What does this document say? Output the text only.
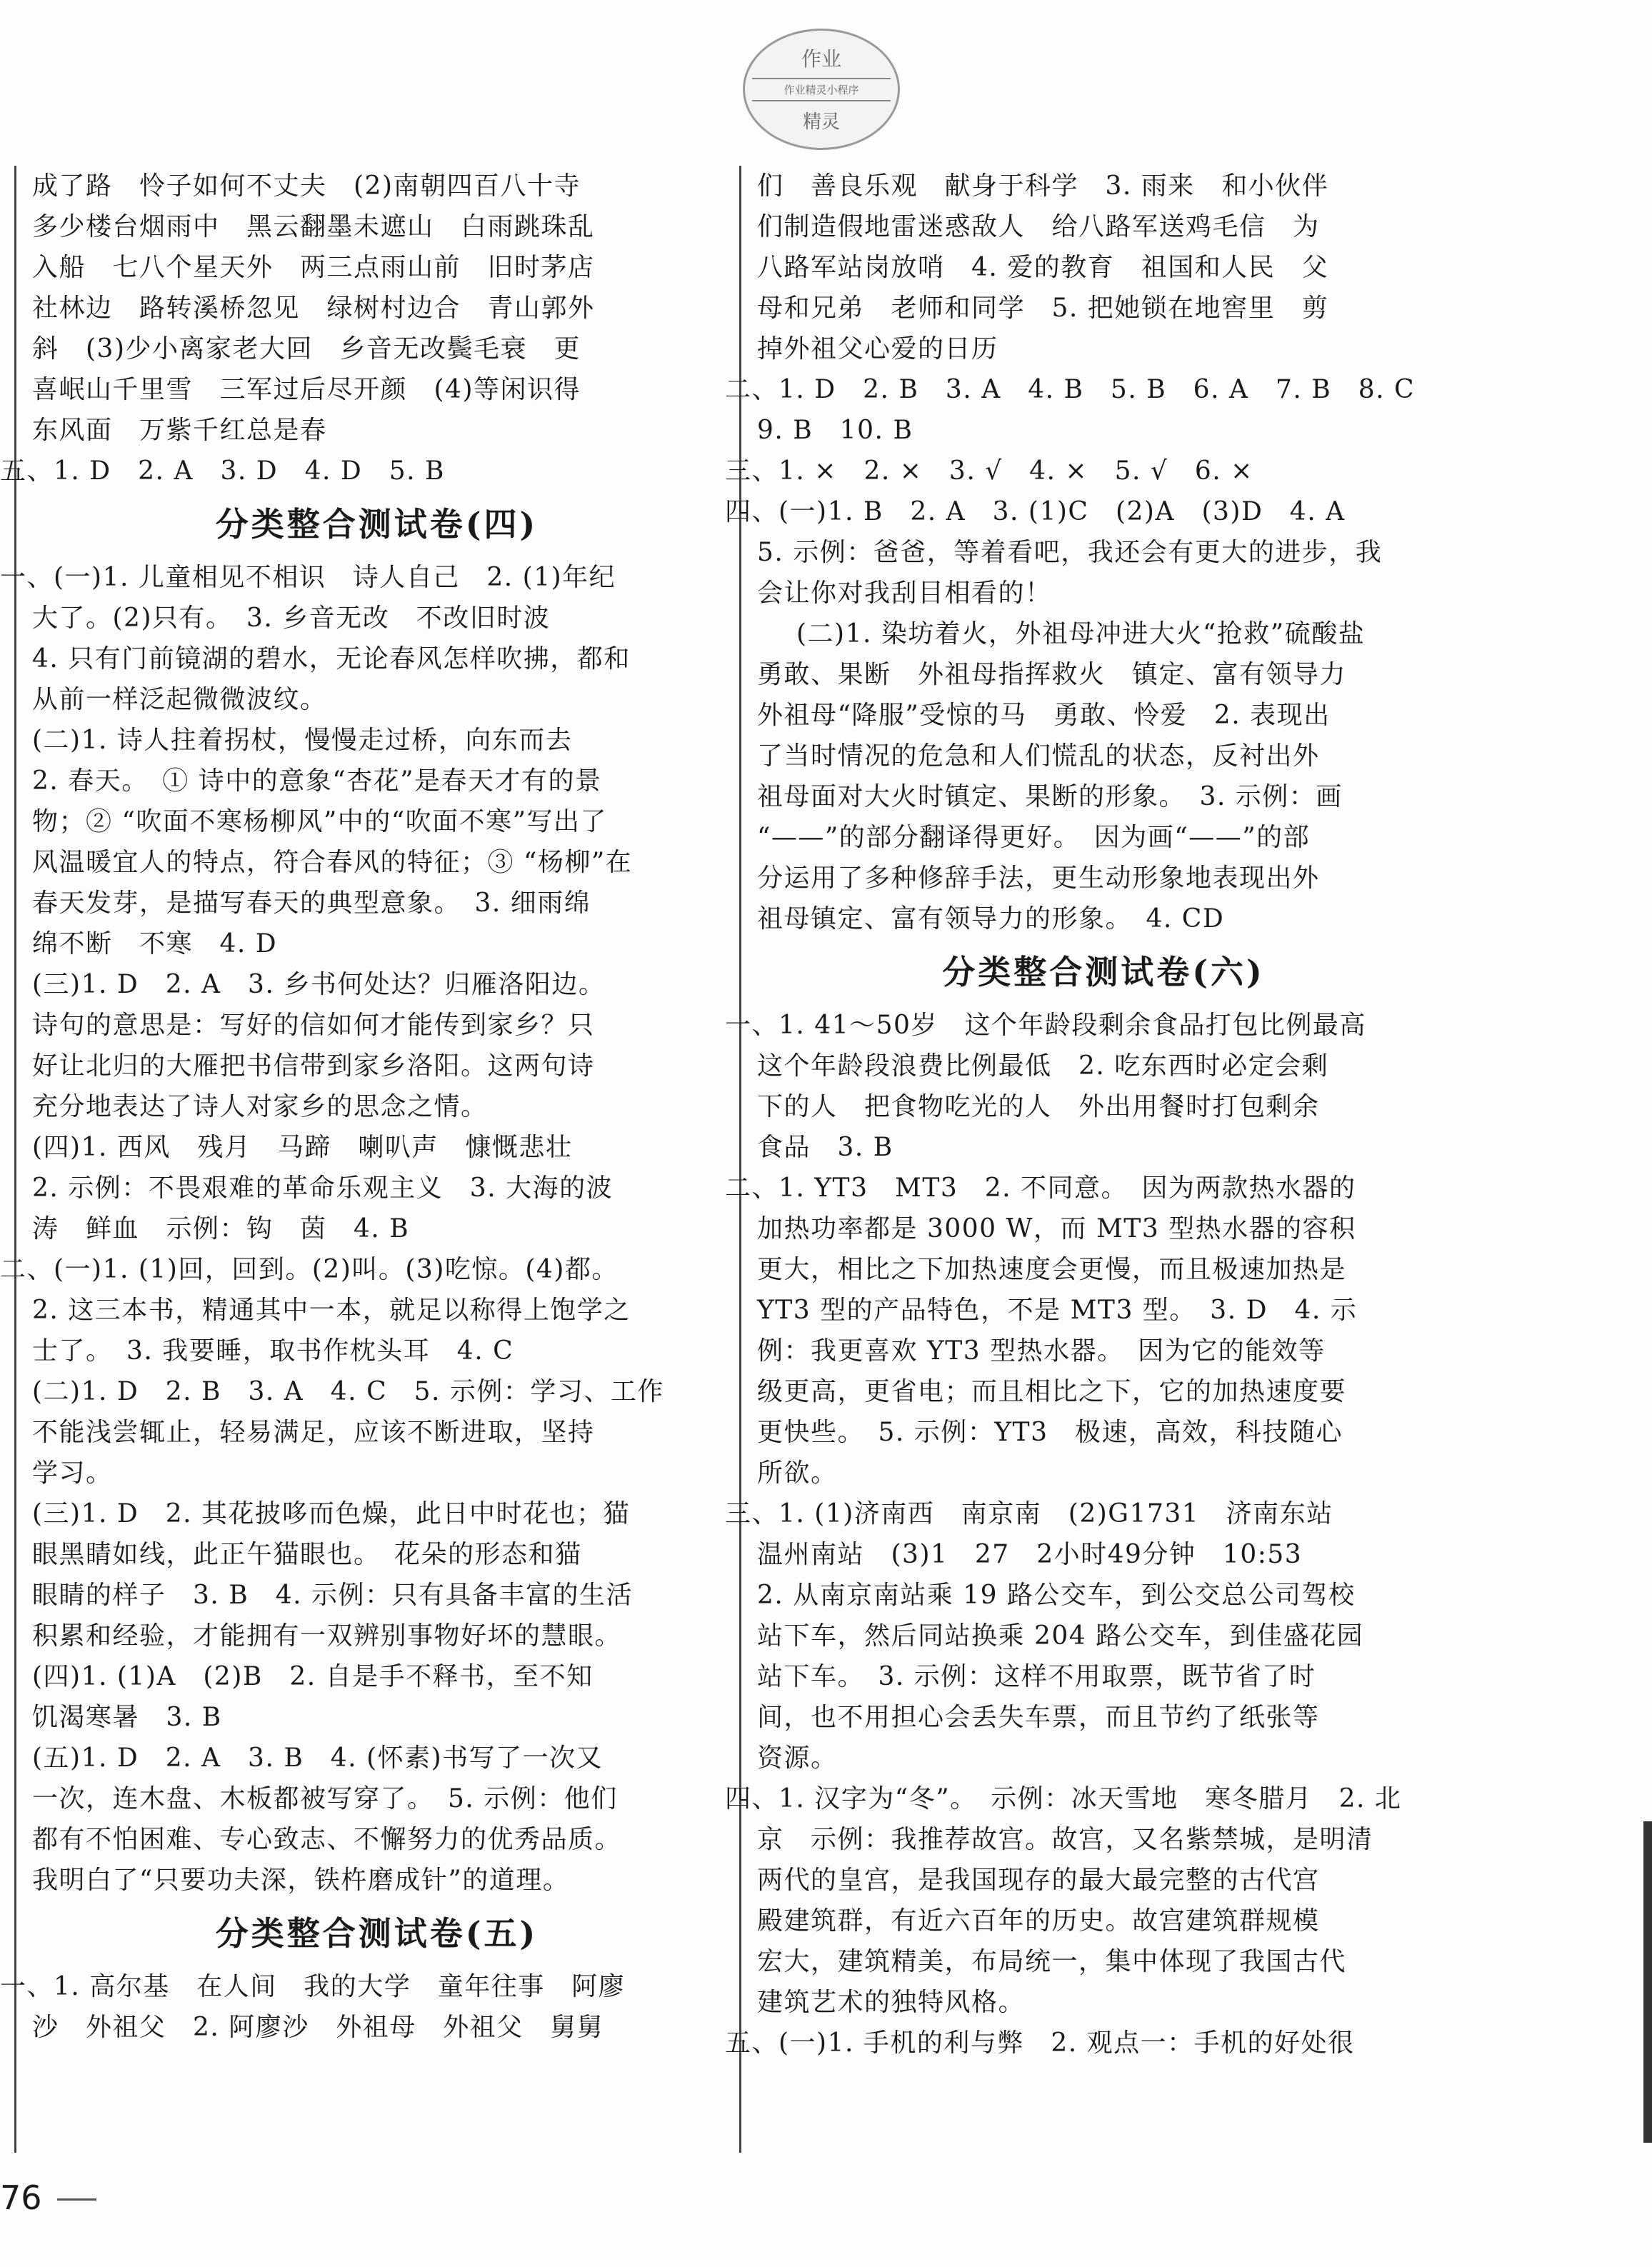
作业
作业精灵小程序
精灵
成了路　怜子如何不丈夫　(2)南朝四百八十寺
多少楼台烟雨中　黑云翻墨未遮山　白雨跳珠乱
入船　七八个星天外　两三点雨山前　旧时茅店
社林边　路转溪桥忽见　绿树村边合　青山郭外
斜　(3)少小离家老大回　乡音无改鬓毛衰　更
喜岷山千里雪　三军过后尽开颜　(4)等闲识得
东风面　万紫千红总是春
五、1. D　2. A　3. D　4. D　5. B
分类整合测试卷(四)
一、(一)1. 儿童相见不相识　诗人自己　2. (1)年纪
大了。(2)只有。　3. 乡音无改　不改旧时波
4. 只有门前镜湖的碧水，无论春风怎样吹拂，都和
从前一样泛起微微波纹。
(二)1. 诗人拄着拐杖，慢慢走过桥，向东而去
2. 春天。　① 诗中的意象“杏花”是春天才有的景
物；② “吹面不寒杨柳风”中的“吹面不寒”写出了
风温暖宜人的特点，符合春风的特征；③ “杨柳”在
春天发芽，是描写春天的典型意象。　3. 细雨绵
绵不断　不寒　4. D
(三)1. D　2. A　3. 乡书何处达？归雁洛阳边。
诗句的意思是：写好的信如何才能传到家乡？只
好让北归的大雁把书信带到家乡洛阳。这两句诗
充分地表达了诗人对家乡的思念之情。
(四)1. 西风　残月　马蹄　喇叭声　慷慨悲壮
2. 示例：不畏艰难的革命乐观主义　3. 大海的波
涛　鲜血　示例：钩　茵　4. B
二、(一)1. (1)回，回到。(2)叫。(3)吃惊。(4)都。
2. 这三本书，精通其中一本，就足以称得上饱学之
士了。　3. 我要睡，取书作枕头耳　4. C
(二)1. D　2. B　3. A　4. C　5. 示例：学习、工作
不能浅尝辄止，轻易满足，应该不断进取，坚持
学习。
(三)1. D　2. 其花披哆而色燥，此日中时花也；猫
眼黑睛如线，此正午猫眼也。　花朵的形态和猫
眼睛的样子　3. B　4. 示例：只有具备丰富的生活
积累和经验，才能拥有一双辨别事物好坏的慧眼。
(四)1. (1)A　(2)B　2. 自是手不释书，至不知
饥渴寒暑　3. B
(五)1. D　2. A　3. B　4. (怀素)书写了一次又
一次，连木盘、木板都被写穿了。　5. 示例：他们
都有不怕困难、专心致志、不懈努力的优秀品质。
我明白了“只要功夫深，铁杵磨成针”的道理。
分类整合测试卷(五)
一、1. 高尔基　在人间　我的大学　童年往事　阿廖
沙　外祖父　2. 阿廖沙　外祖母　外祖父　舅舅
们　善良乐观　献身于科学　3. 雨来　和小伙伴
们制造假地雷迷惑敌人　给八路军送鸡毛信　为
八路军站岗放哨　4. 爱的教育　祖国和人民　父
母和兄弟　老师和同学　5. 把她锁在地窖里　剪
掉外祖父心爱的日历
二、1. D　2. B　3. A　4. B　5. B　6. A　7. B　8. C
9. B　10. B
三、1. ×　2. ×　3. √　4. ×　5. √　6. ×
四、(一)1. B　2. A　3. (1)C　(2)A　(3)D　4. A
5. 示例：爸爸，等着看吧，我还会有更大的进步，我
会让你对我刮目相看的！
(二)1. 染坊着火，外祖母冲进大火“抢救”硫酸盐
勇敢、果断　外祖母指挥救火　镇定、富有领导力
外祖母“降服”受惊的马　勇敢、怜爱　2. 表现出
了当时情况的危急和人们慌乱的状态，反衬出外
祖母面对大火时镇定、果断的形象。　3. 示例：画
“——”的部分翻译得更好。　因为画“——”的部
分运用了多种修辞手法，更生动形象地表现出外
祖母镇定、富有领导力的形象。　4. CD
分类整合测试卷(六)
一、1. 41～50岁　这个年龄段剩余食品打包比例最高
这个年龄段浪费比例最低　2. 吃东西时必定会剩
下的人　把食物吃光的人　外出用餐时打包剩余
食品　3. B
二、1. YT3　MT3　2. 不同意。　因为两款热水器的
加热功率都是 3000 W，而 MT3 型热水器的容积
更大，相比之下加热速度会更慢，而且极速加热是
YT3 型的产品特色，不是 MT3 型。　3. D　4. 示
例：我更喜欢 YT3 型热水器。　因为它的能效等
级更高，更省电；而且相比之下，它的加热速度要
更快些。　5. 示例：YT3　极速，高效，科技随心
所欲。
三、1. (1)济南西　南京南　(2)G1731　济南东站
温州南站　(3)1　27　2小时49分钟　10:53
2. 从南京南站乘 19 路公交车，到公交总公司驾校
站下车，然后同站换乘 204 路公交车，到佳盛花园
站下车。　3. 示例：这样不用取票，既节省了时
间，也不用担心会丢失车票，而且节约了纸张等
资源。
四、1. 汉字为“冬”。　示例：冰天雪地　寒冬腊月　2. 北
京　示例：我推荐故宫。故宫，又名紫禁城，是明清
两代的皇宫，是我国现存的最大最完整的古代宫
殿建筑群，有近六百年的历史。故宫建筑群规模
宏大，建筑精美，布局统一，集中体现了我国古代
建筑艺术的独特风格。
五、(一)1. 手机的利与弊　2. 观点一：手机的好处很
76
